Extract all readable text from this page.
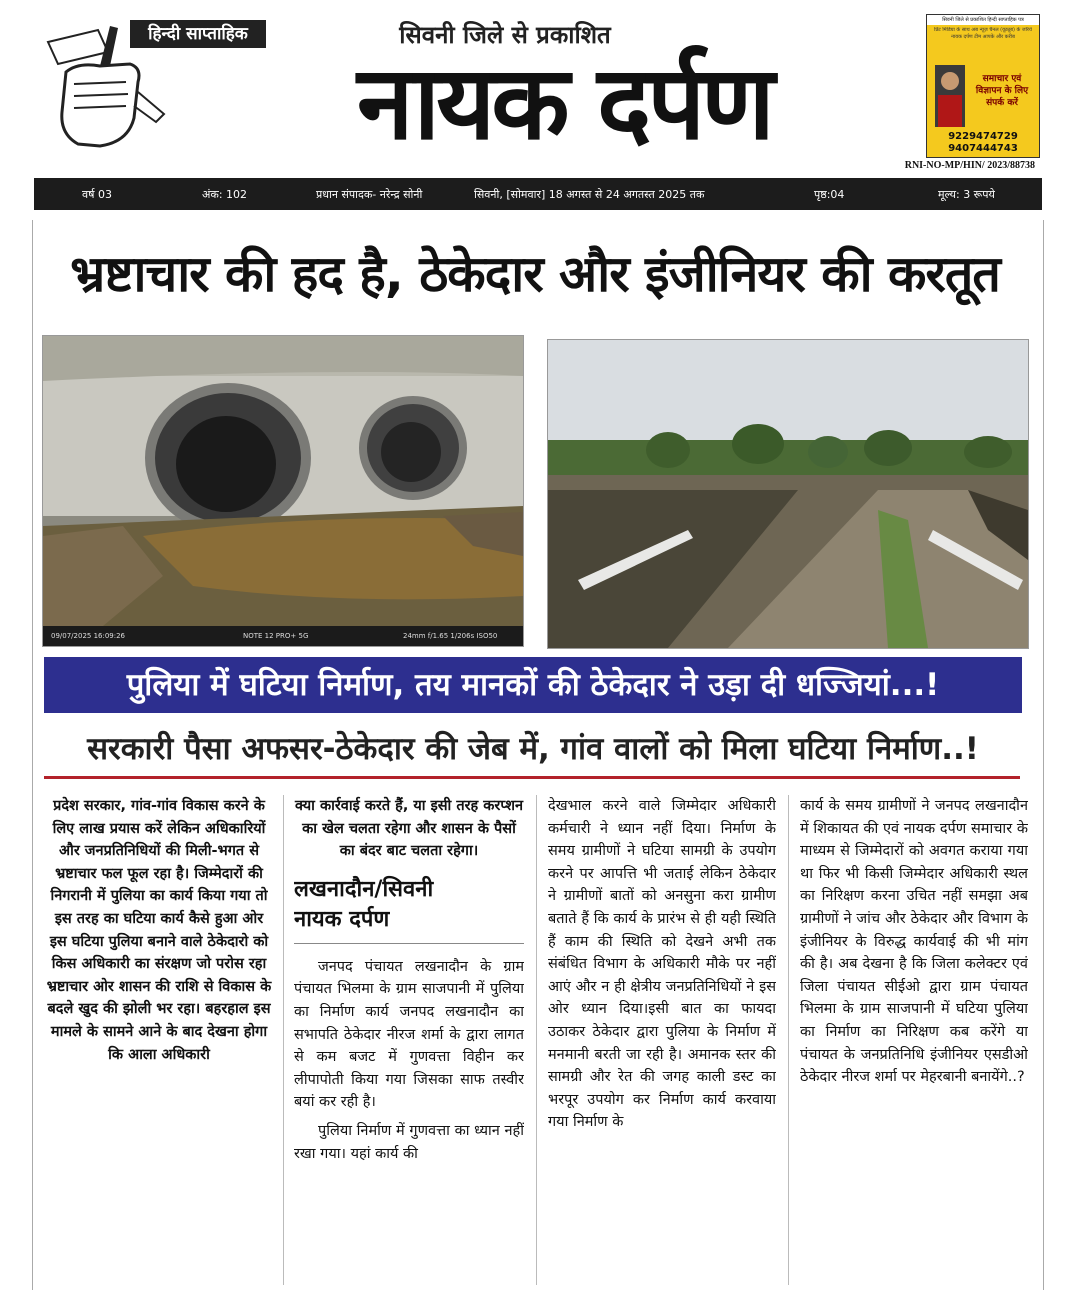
हिन्दी साप्ताहिक	सिवनी जिले से प्रकाशित
नायक दर्पण
सिवनी जिले से प्रकाशित हिन्दी साप्ताहिक पत्र
प्रिंट मिडिया के साथ अब न्यूज़ चैनल (यूट्यूब) के जरिये नायक दर्पण टीम आपके और करीब
समाचार एवं विज्ञापन के लिए संपर्क करें
9229474729
9407444743
RNI-NO-MP/HIN/ 2023/88738
वर्ष 03	अंक: 102	प्रधान संपादक- नरेन्द्र सोनी	सिवनी, [सोमवार] 18 अगस्त से 24 अगतस्त 2025 तक	पृष्ठ:04	मूल्य: 3 रूपये
भ्रष्टाचार की हद है, ठेकेदार और इंजीनियर की करतूत
09/07/2025 16:09:26	NOTE 12 PRO+ 5G	24mm f/1.65 1/206s ISO50
पुलिया में घटिया निर्माण, तय मानकों की ठेकेदार ने उड़ा दी धज्जियां...!
सरकारी पैसा अफसर-ठेकेदार की जेब में, गांव वालों को मिला घटिया निर्माण..!

प्रदेश सरकार, गांव-गांव विकास करने के लिए लाख प्रयास करें लेकिन अधिकारियों और जनप्रतिनिधियों की मिली-भगत से भ्रष्टाचार फल फूल रहा है। जिम्मेदारों की निगरानी में पुलिया का कार्य किया गया तो इस तरह का घटिया कार्य कैसे हुआ ओर इस घटिया पुलिया बनाने वाले ठेकेदारो को किस अधिकारी का संरक्षण जो परोस रहा भ्रष्टाचार ओर शासन की राशि से विकास के बदले खुद की झोली भर रहा। बहरहाल इस मामले के सामने आने के बाद देखना होगा कि आला अधिकारी

क्या कार्रवाई करते हैं, या इसी तरह करप्शन का खेल चलता रहेगा और शासन के पैसों का बंदर बाट चलता रहेगा।

लखनादौन/सिवनी
नायक दर्पण

जनपद पंचायत लखनादौन के ग्राम पंचायत भिलमा के ग्राम साजपानी में पुलिया का निर्माण कार्य जनपद लखनादौन का सभापति ठेकेदार नीरज शर्मा के द्वारा लागत से कम बजट में गुणवत्ता विहीन कर लीपापोती किया गया जिसका साफ तस्वीर बयां कर रही है।

पुलिया निर्माण में गुणवत्ता का ध्यान नहीं रखा गया। यहां कार्य की

देखभाल करने वाले जिम्मेदार अधिकारी कर्मचारी ने ध्यान नहीं दिया। निर्माण के समय ग्रामीणों ने घटिया सामग्री के उपयोग करने पर आपत्ति भी जताई लेकिन ठेकेदार ने ग्रामीणों बातों को अनसुना करा ग्रामीण बताते हैं कि कार्य के प्रारंभ से ही यही स्थिति हैं काम की स्थिति को देखने अभी तक संबंधित विभाग के अधिकारी मौके पर नहीं आएं और न ही क्षेत्रीय जनप्रतिनिधियों ने इस ओर ध्यान दिया।इसी बात का फायदा उठाकर ठेकेदार द्वारा पुलिया के निर्माण में मनमानी बरती जा रही है। अमानक स्तर की सामग्री और रेत की जगह काली डस्ट का भरपूर उपयोग कर निर्माण कार्य करवाया गया निर्माण के

कार्य के समय ग्रामीणों ने जनपद लखनादौन में शिकायत की एवं नायक दर्पण समाचार के माध्यम से जिम्मेदारों को अवगत कराया गया था फिर भी किसी जिम्मेदार अधिकारी स्थल का निरिक्षण करना उचित नहीं समझा अब ग्रामीणों ने जांच और ठेकेदार और विभाग के इंजीनियर के विरुद्ध कार्यवाई की भी मांग की है। अब देखना है कि जिला कलेक्टर एवं जिला पंचायत सीईओ द्वारा ग्राम पंचायत भिलमा के ग्राम साजपानी में घटिया पुलिया का निर्माण का निरिक्षण कब करेंगे या पंचायत के जनप्रतिनिधि इंजीनियर एसडीओ ठेकेदार नीरज शर्मा पर मेहरबानी बनायेंगे..?
